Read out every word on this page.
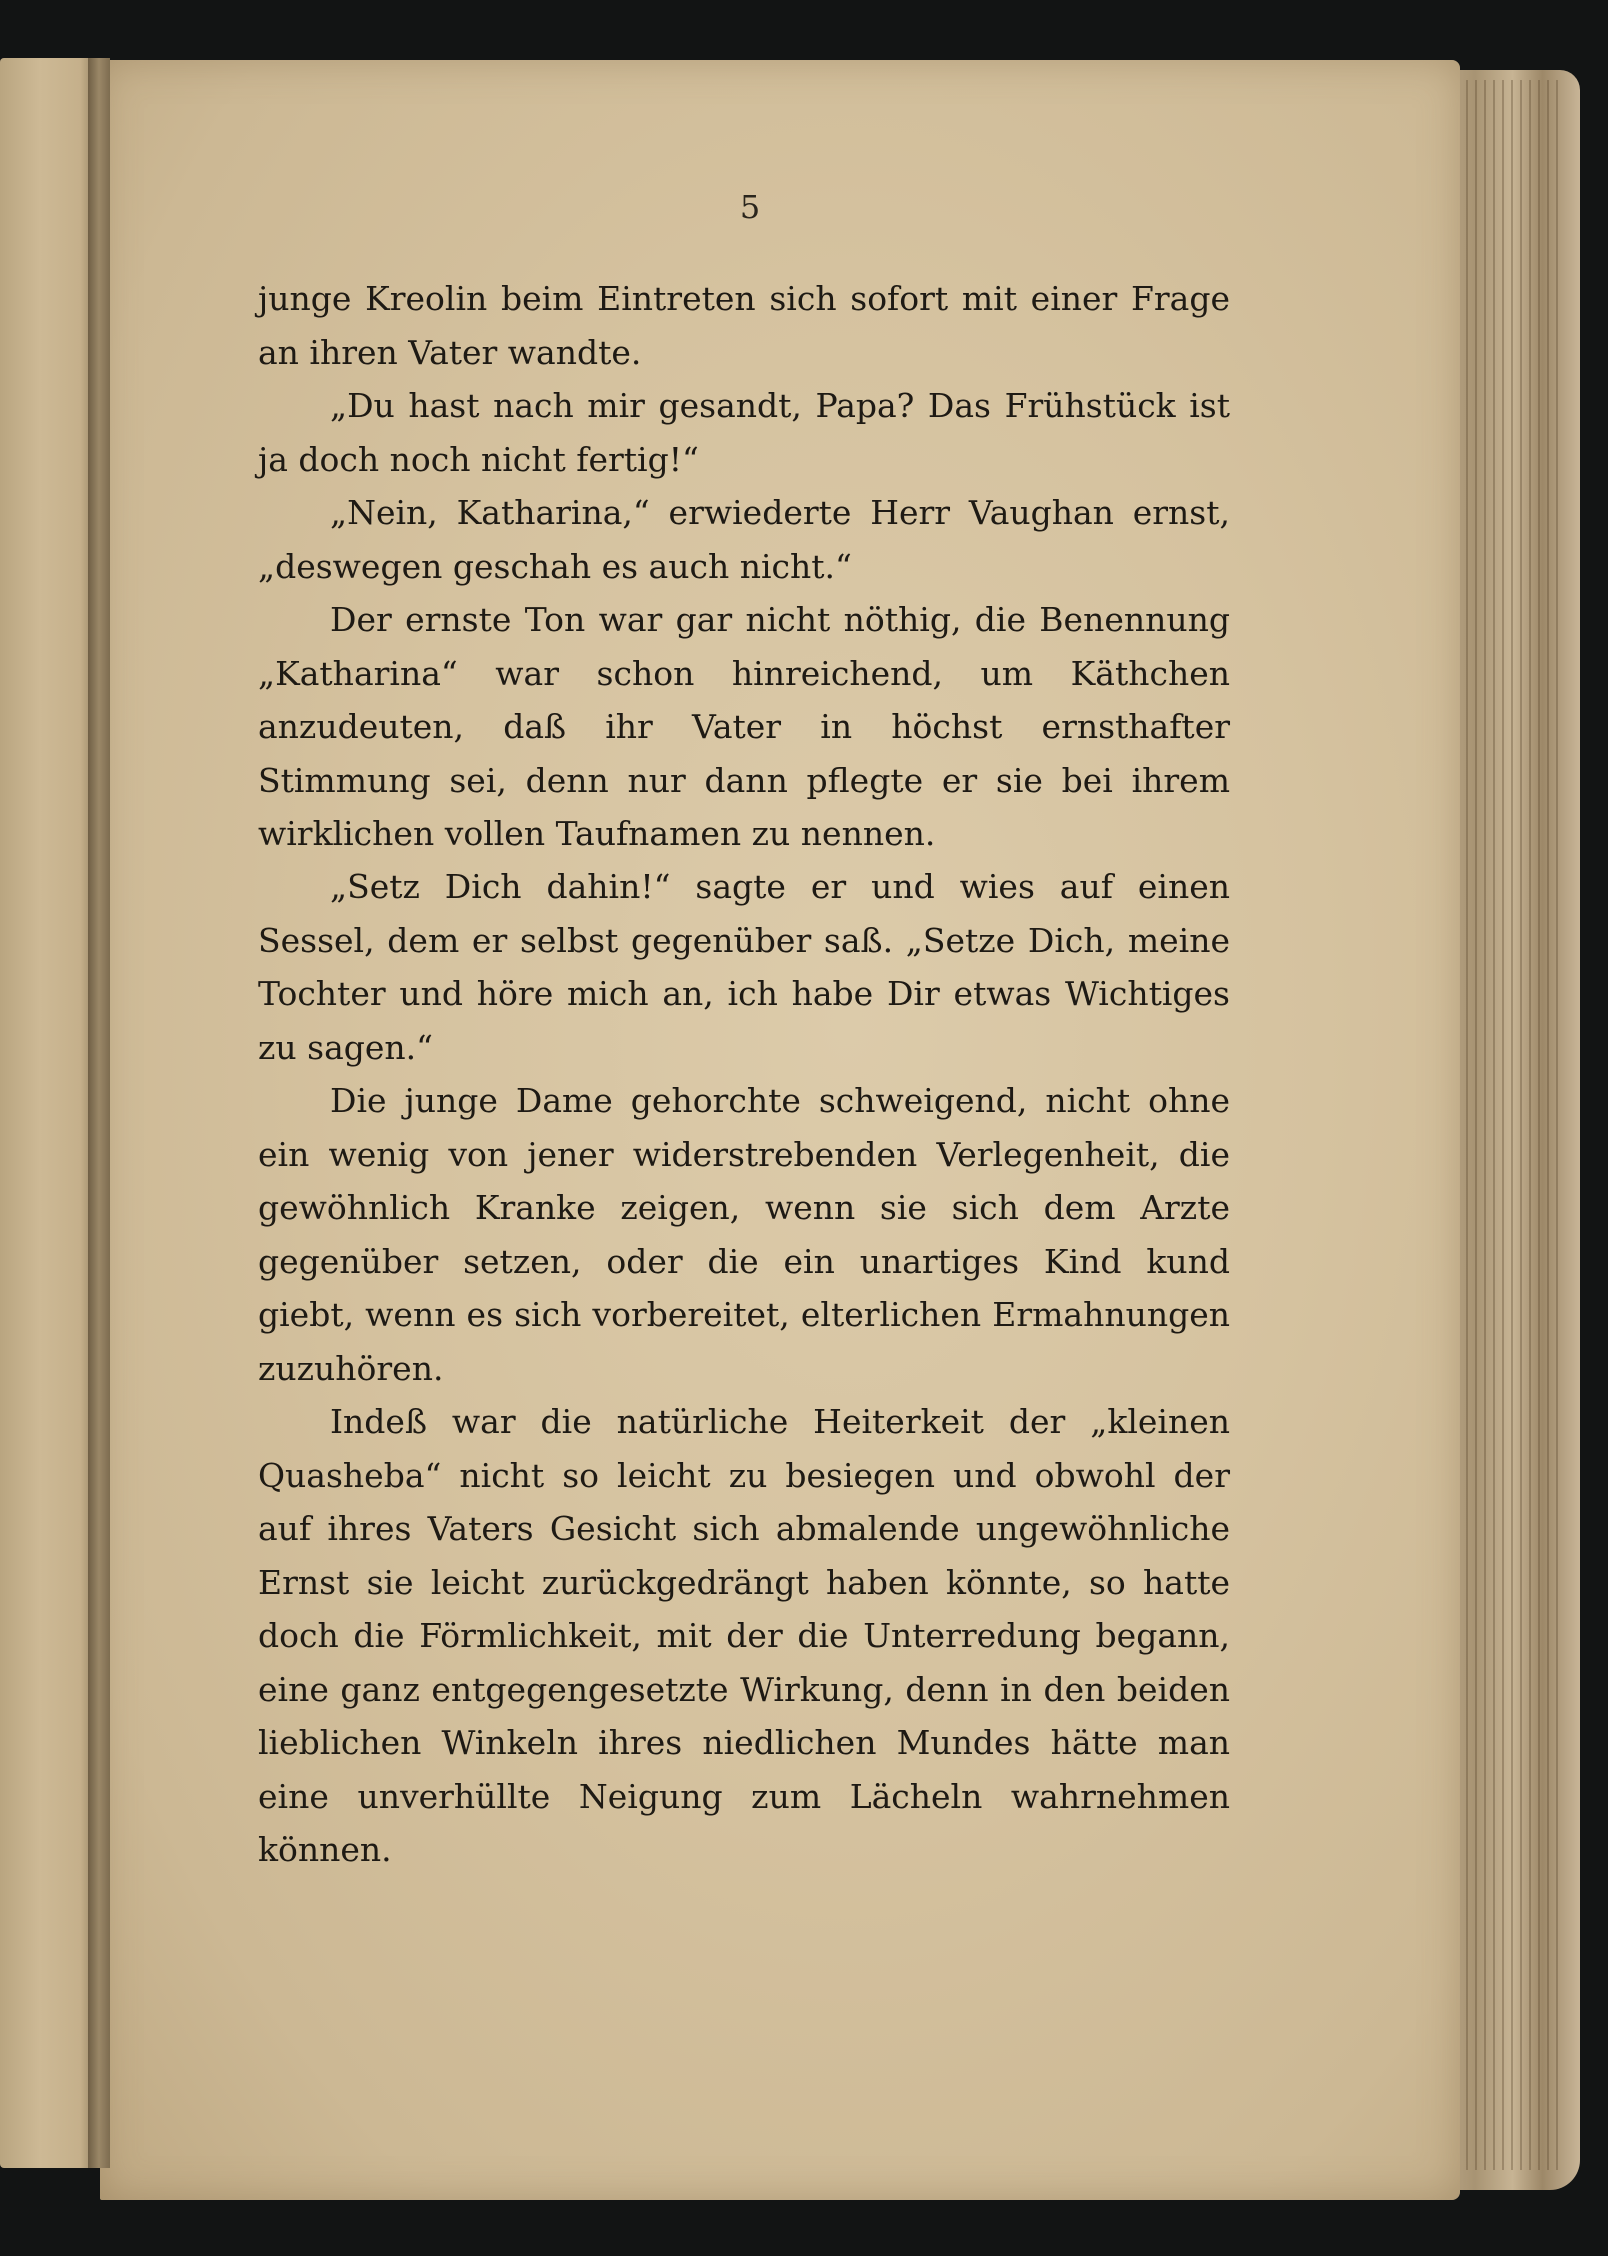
5

junge Kreolin beim Eintreten sich sofort mit einer Frage an ihren Vater wandte.

„Du hast nach mir gesandt, Papa? Das Frühstück ist ja doch noch nicht fertig!“

„Nein, Katharina,“ erwiederte Herr Vaughan ernst, „deswegen geschah es auch nicht.“

Der ernste Ton war gar nicht nöthig, die Benennung „Katharina“ war schon hinreichend, um Käthchen anzudeuten, daß ihr Vater in höchst ernsthafter Stimmung sei, denn nur dann pflegte er sie bei ihrem wirklichen vollen Taufnamen zu nennen.

„Setz Dich dahin!“ sagte er und wies auf einen Sessel, dem er selbst gegenüber saß. „Setze Dich, meine Tochter und höre mich an, ich habe Dir etwas Wichtiges zu sagen.“

Die junge Dame gehorchte schweigend, nicht ohne ein wenig von jener widerstrebenden Verlegenheit, die gewöhnlich Kranke zeigen, wenn sie sich dem Arzte gegenüber setzen, oder die ein unartiges Kind kund giebt, wenn es sich vorbereitet, elterlichen Ermahnungen zuzuhören.

Indeß war die natürliche Heiterkeit der „kleinen Quasheba“ nicht so leicht zu besiegen und obwohl der auf ihres Vaters Gesicht sich abmalende ungewöhnliche Ernst sie leicht zurückgedrängt haben könnte, so hatte doch die Förmlichkeit, mit der die Unterredung begann, eine ganz entgegengesetzte Wirkung, denn in den beiden lieblichen Winkeln ihres niedlichen Mundes hätte man eine unverhüllte Neigung zum Lächeln wahrnehmen können.
